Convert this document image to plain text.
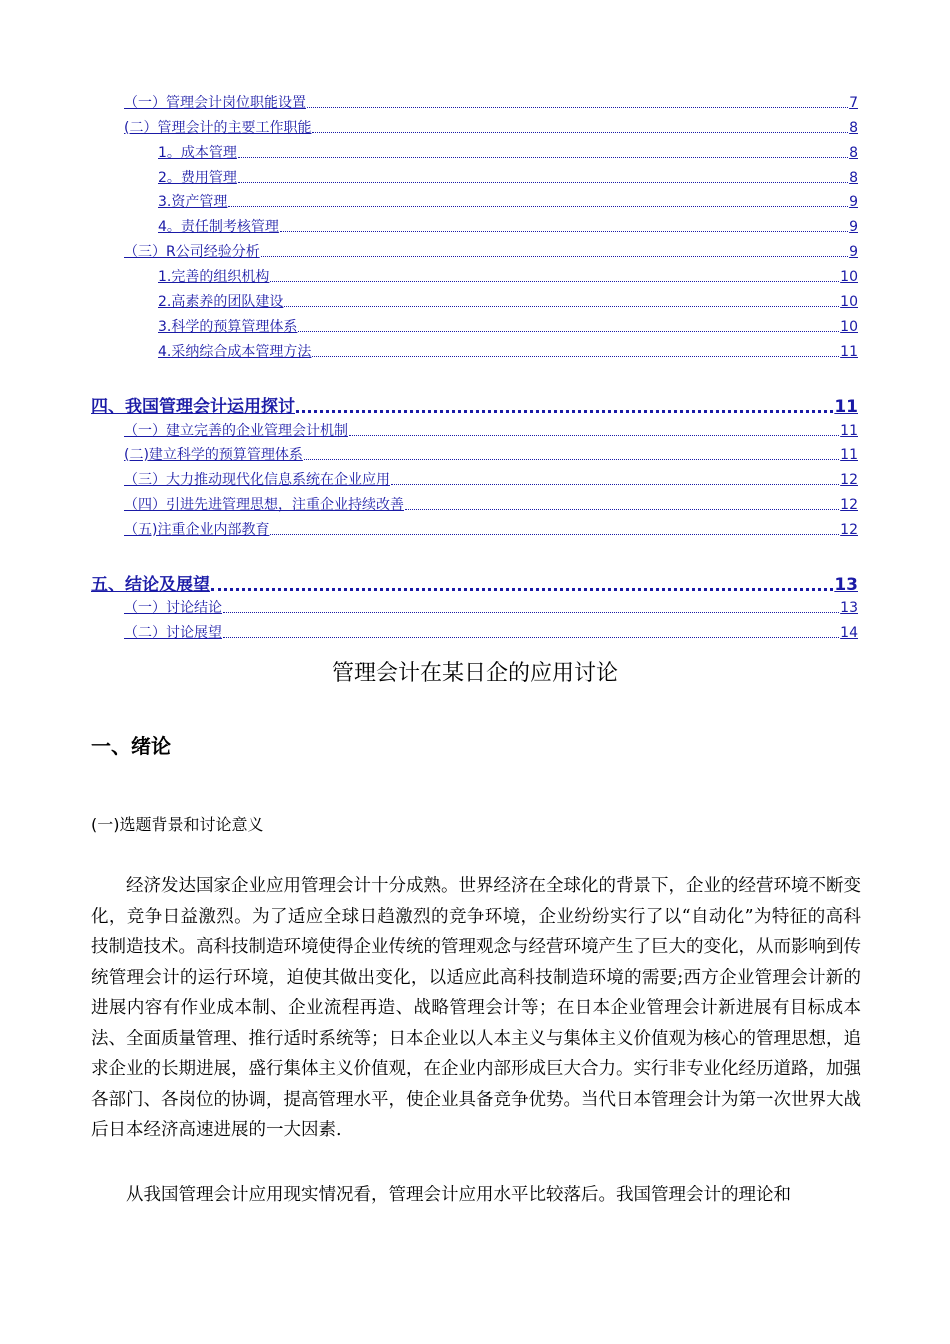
（一）管理会计岗位职能设置	7
(二）管理会计的主要工作职能	8
1。成本管理	8
2。费用管理	8
3.资产管理	9
4。责任制考核管理	9
（三）R公司经验分析	9
1.完善的组织机构	10
2.高素养的团队建设	10
3.科学的预算管理体系	10
4.采纳综合成本管理方法	11
四、我国管理会计运用探讨	11
（一）建立完善的企业管理会计机制	11
(二)建立科学的预算管理体系	11
（三）大力推动现代化信息系统在企业应用	12
（四）引进先进管理思想，注重企业持续改善	12
（五)注重企业内部教育	12
五、结论及展望	13
（一）讨论结论	13
（二）讨论展望	14
管理会计在某日企的应用讨论
一、绪论
(一)选题背景和讨论意义

经济发达国家企业应用管理会计十分成熟。世界经济在全球化的背景下，企业的经营环境不断变化，竞争日益激烈。为了适应全球日趋激烈的竞争环境，企业纷纷实行了以“自动化”为特征的高科技制造技术。高科技制造环境使得企业传统的管理观念与经营环境产生了巨大的变化，从而影响到传统管理会计的运行环境，迫使其做出变化，以适应此高科技制造环境的需要;西方企业管理会计新的进展内容有作业成本制、企业流程再造、战略管理会计等；在日本企业管理会计新进展有目标成本法、全面质量管理、推行适时系统等；日本企业以人本主义与集体主义价值观为核心的管理思想，追求企业的长期进展，盛行集体主义价值观，在企业内部形成巨大合力。实行非专业化经历道路，加强各部门、各岗位的协调，提高管理水平，使企业具备竞争优势。当代日本管理会计为第一次世界大战后日本经济高速进展的一大因素.

从我国管理会计应用现实情况看，管理会计应用水平比较落后。我国管理会计的理论和
